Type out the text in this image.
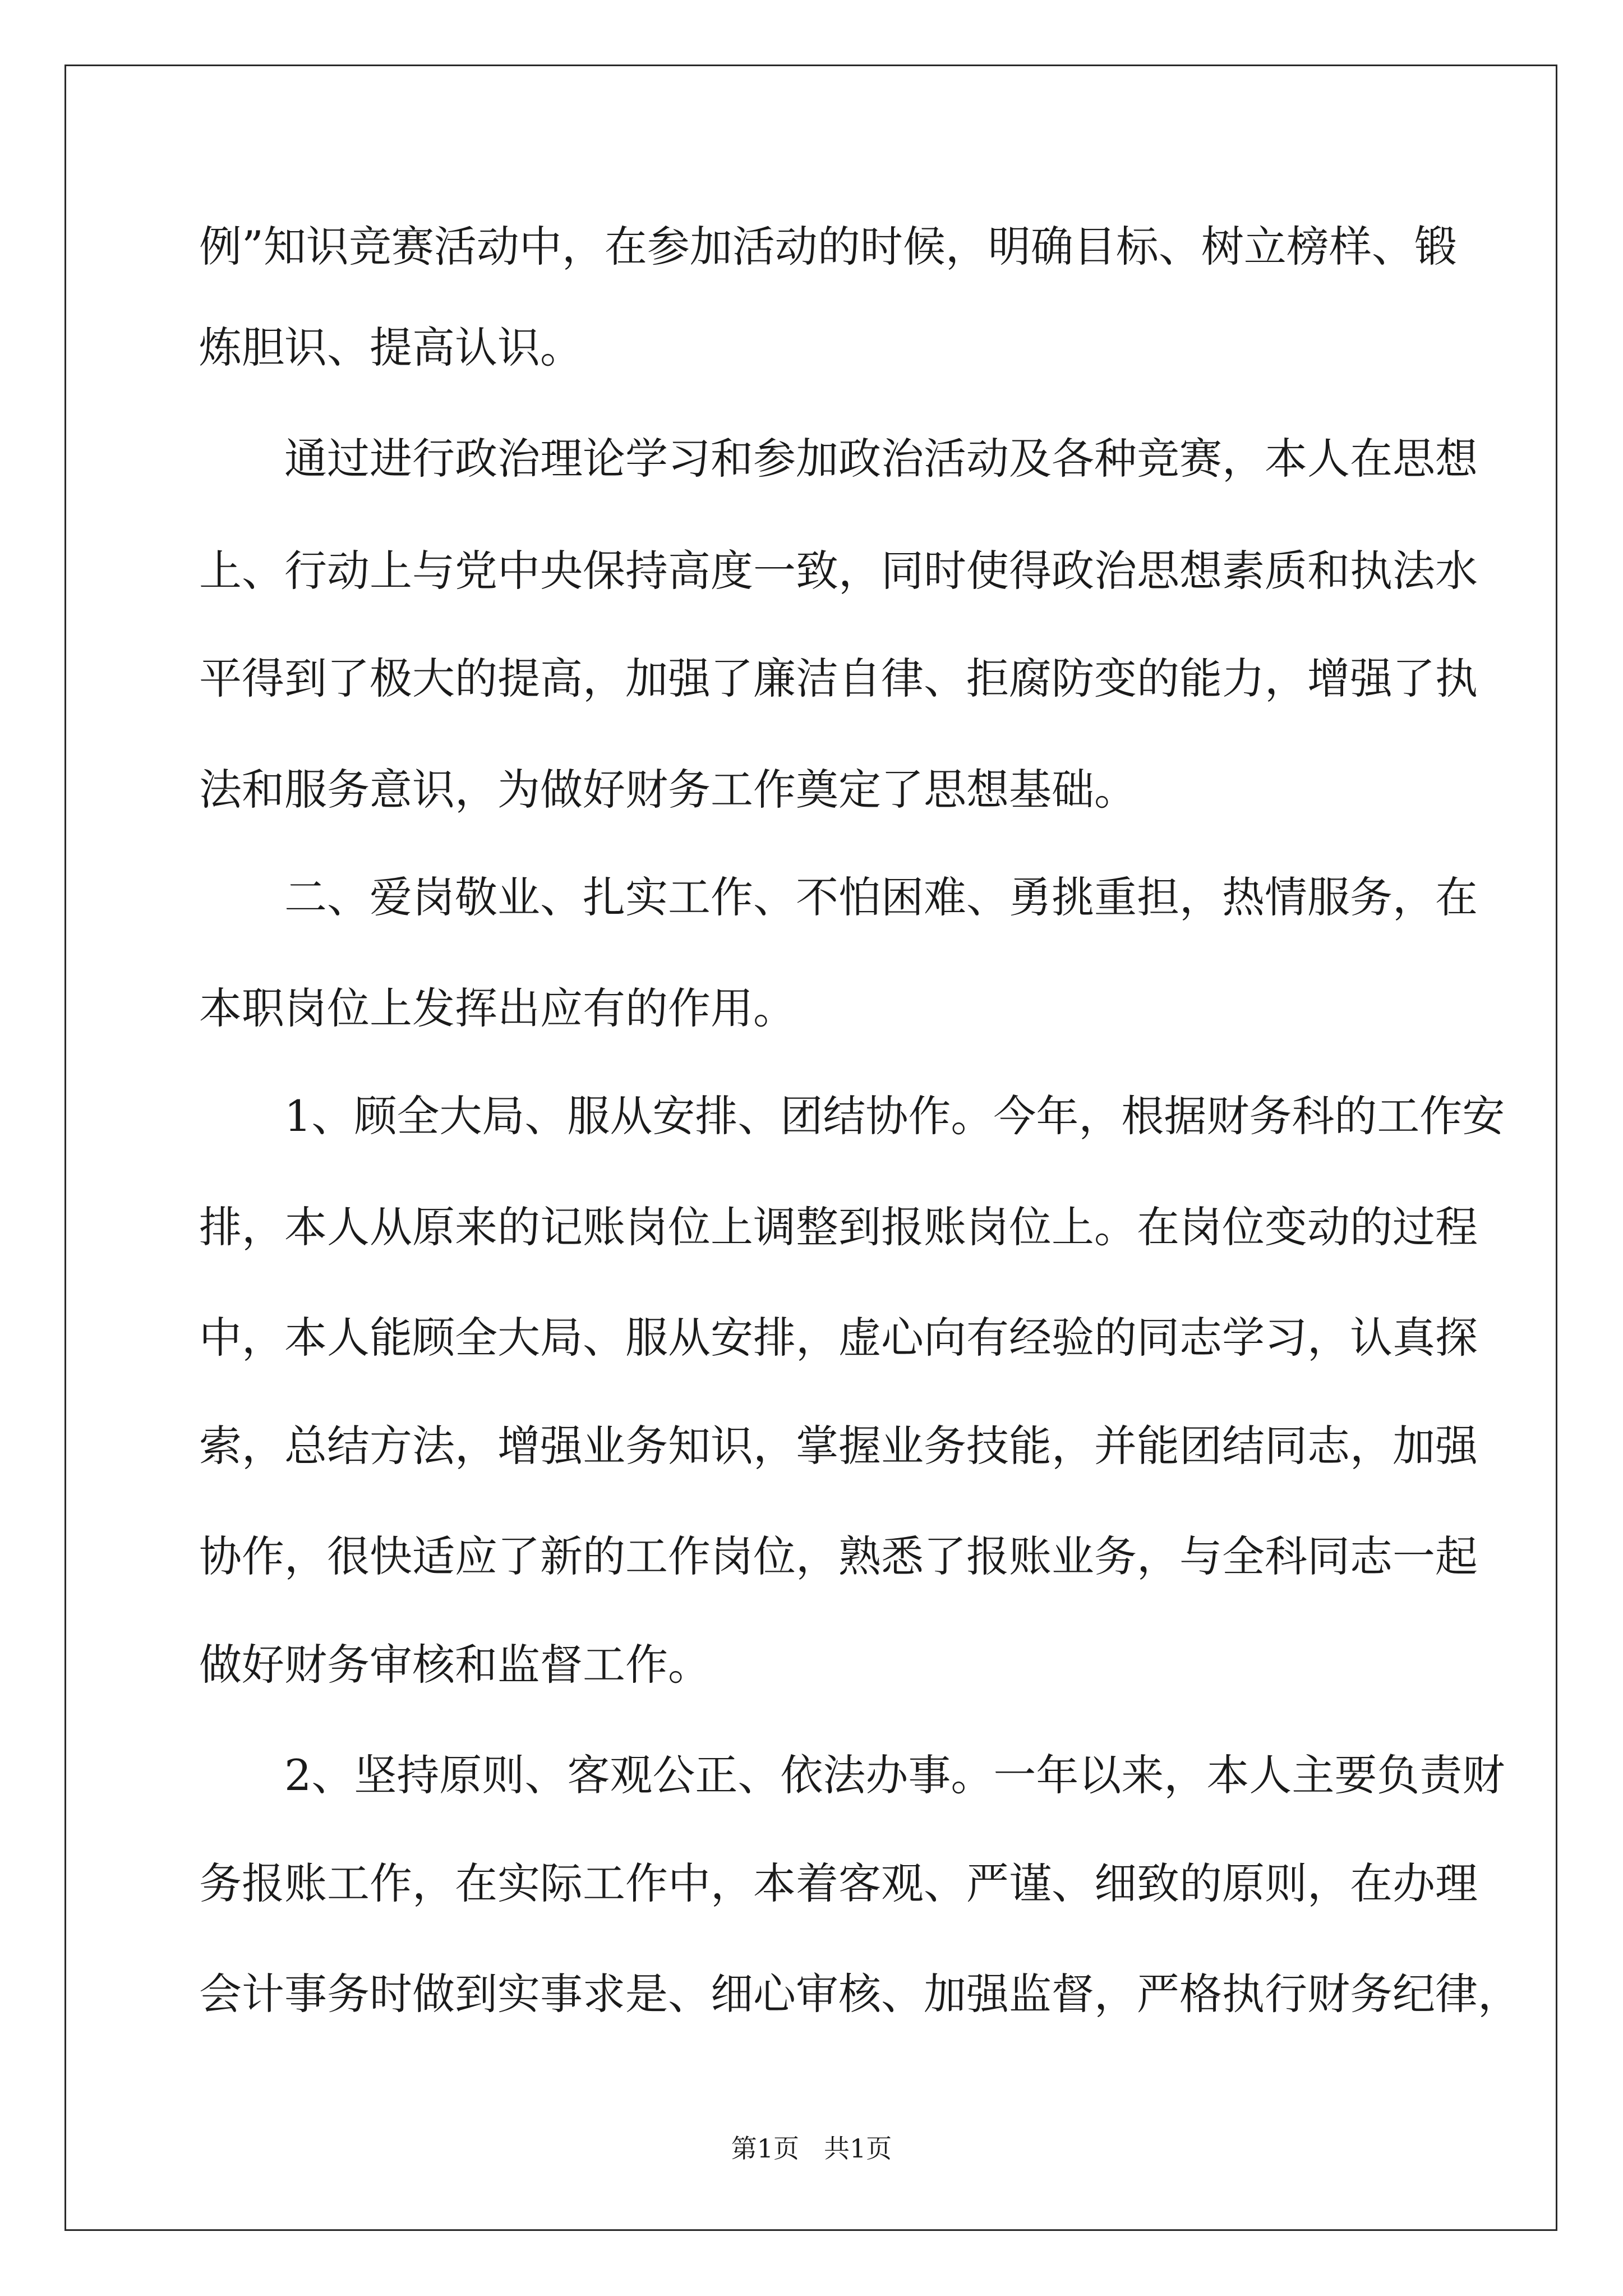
例”知识竞赛活动中，在参加活动的时候，明确目标、树立榜样、锻
炼胆识、提高认识。
通过进行政治理论学习和参加政治活动及各种竞赛，本人在思想
上、行动上与党中央保持高度一致，同时使得政治思想素质和执法水
平得到了极大的提高，加强了廉洁自律、拒腐防变的能力，增强了执
法和服务意识，为做好财务工作奠定了思想基础。
二、爱岗敬业、扎实工作、不怕困难、勇挑重担，热情服务，在
本职岗位上发挥出应有的作用。
1、顾全大局、服从安排、团结协作。今年，根据财务科的工作安
排，本人从原来的记账岗位上调整到报账岗位上。在岗位变动的过程
中，本人能顾全大局、服从安排，虚心向有经验的同志学习，认真探
索，总结方法，增强业务知识，掌握业务技能，并能团结同志，加强
协作，很快适应了新的工作岗位，熟悉了报账业务，与全科同志一起
做好财务审核和监督工作。
2、坚持原则、客观公正、依法办事。一年以来，本人主要负责财
务报账工作，在实际工作中，本着客观、严谨、细致的原则，在办理
会计事务时做到实事求是、细心审核、加强监督，严格执行财务纪律，
第1页 共1页
